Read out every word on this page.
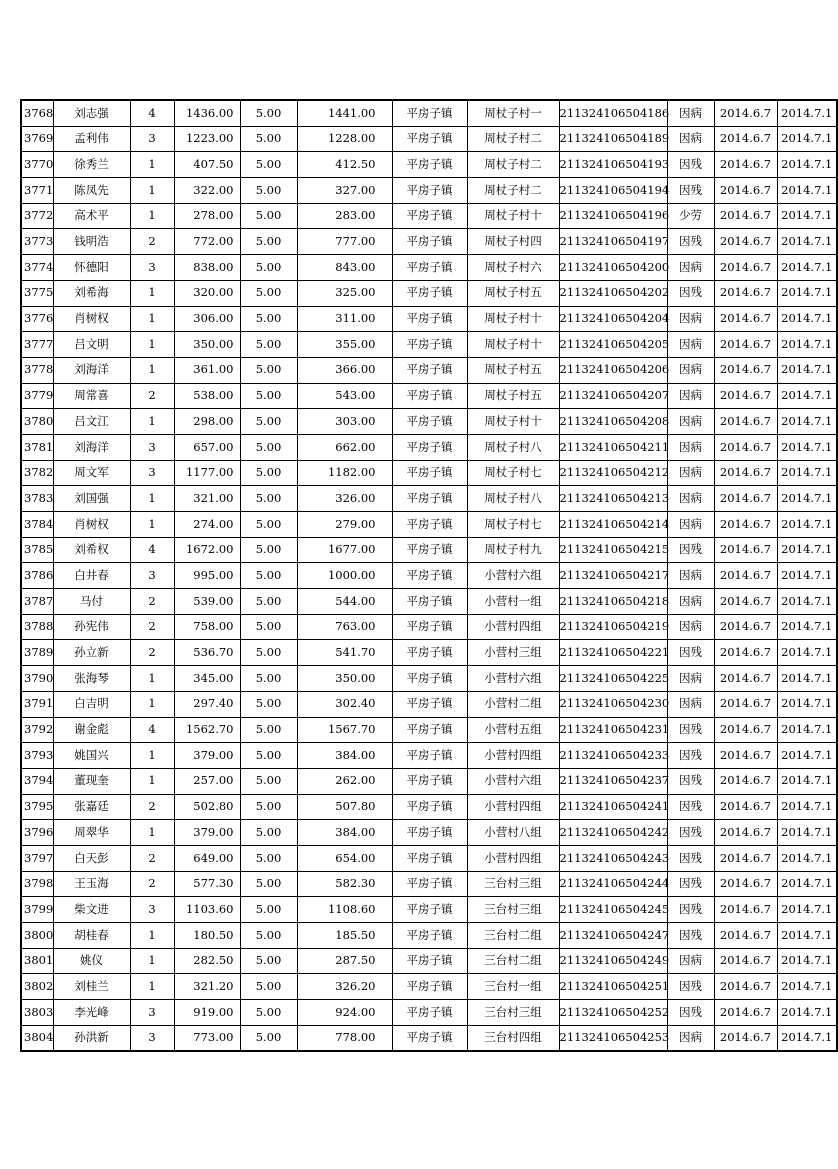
3768	刘志强	4	1436.00	5.00	1441.00	平房子镇	周杖子村一	211324106504186	因病	2014.6.7	2014.7.1
3769	孟利伟	3	1223.00	5.00	1228.00	平房子镇	周杖子村二	211324106504189	因病	2014.6.7	2014.7.1
3770	徐秀兰	1	407.50	5.00	412.50	平房子镇	周杖子村二	211324106504193	因残	2014.6.7	2014.7.1
3771	陈凤先	1	322.00	5.00	327.00	平房子镇	周杖子村二	211324106504194	因残	2014.6.7	2014.7.1
3772	高术平	1	278.00	5.00	283.00	平房子镇	周杖子村十	211324106504196	少劳	2014.6.7	2014.7.1
3773	钱明浩	2	772.00	5.00	777.00	平房子镇	周杖子村四	211324106504197	因残	2014.6.7	2014.7.1
3774	怀德阳	3	838.00	5.00	843.00	平房子镇	周杖子村六	211324106504200	因病	2014.6.7	2014.7.1
3775	刘希海	1	320.00	5.00	325.00	平房子镇	周杖子村五	211324106504202	因残	2014.6.7	2014.7.1
3776	肖树权	1	306.00	5.00	311.00	平房子镇	周杖子村十	211324106504204	因病	2014.6.7	2014.7.1
3777	吕文明	1	350.00	5.00	355.00	平房子镇	周杖子村十	211324106504205	因病	2014.6.7	2014.7.1
3778	刘海洋	1	361.00	5.00	366.00	平房子镇	周杖子村五	211324106504206	因病	2014.6.7	2014.7.1
3779	周常喜	2	538.00	5.00	543.00	平房子镇	周杖子村五	211324106504207	因病	2014.6.7	2014.7.1
3780	吕文江	1	298.00	5.00	303.00	平房子镇	周杖子村十	211324106504208	因病	2014.6.7	2014.7.1
3781	刘海洋	3	657.00	5.00	662.00	平房子镇	周杖子村八	211324106504211	因病	2014.6.7	2014.7.1
3782	周文军	3	1177.00	5.00	1182.00	平房子镇	周杖子村七	211324106504212	因病	2014.6.7	2014.7.1
3783	刘国强	1	321.00	5.00	326.00	平房子镇	周杖子村八	211324106504213	因病	2014.6.7	2014.7.1
3784	肖树权	1	274.00	5.00	279.00	平房子镇	周杖子村七	211324106504214	因病	2014.6.7	2014.7.1
3785	刘希权	4	1672.00	5.00	1677.00	平房子镇	周杖子村九	211324106504215	因残	2014.6.7	2014.7.1
3786	白井春	3	995.00	5.00	1000.00	平房子镇	小营村六组	211324106504217	因病	2014.6.7	2014.7.1
3787	马付	2	539.00	5.00	544.00	平房子镇	小营村一组	211324106504218	因病	2014.6.7	2014.7.1
3788	孙宪伟	2	758.00	5.00	763.00	平房子镇	小营村四组	211324106504219	因病	2014.6.7	2014.7.1
3789	孙立新	2	536.70	5.00	541.70	平房子镇	小营村三组	211324106504221	因残	2014.6.7	2014.7.1
3790	张海琴	1	345.00	5.00	350.00	平房子镇	小营村六组	211324106504225	因病	2014.6.7	2014.7.1
3791	白吉明	1	297.40	5.00	302.40	平房子镇	小营村二组	211324106504230	因病	2014.6.7	2014.7.1
3792	谢金彪	4	1562.70	5.00	1567.70	平房子镇	小营村五组	211324106504231	因残	2014.6.7	2014.7.1
3793	姚国兴	1	379.00	5.00	384.00	平房子镇	小营村四组	211324106504233	因残	2014.6.7	2014.7.1
3794	董现奎	1	257.00	5.00	262.00	平房子镇	小营村六组	211324106504237	因残	2014.6.7	2014.7.1
3795	张嘉廷	2	502.80	5.00	507.80	平房子镇	小营村四组	211324106504241	因残	2014.6.7	2014.7.1
3796	周翠华	1	379.00	5.00	384.00	平房子镇	小营村八组	211324106504242	因残	2014.6.7	2014.7.1
3797	白天彭	2	649.00	5.00	654.00	平房子镇	小营村四组	211324106504243	因残	2014.6.7	2014.7.1
3798	王玉海	2	577.30	5.00	582.30	平房子镇	三台村三组	211324106504244	因残	2014.6.7	2014.7.1
3799	柴文进	3	1103.60	5.00	1108.60	平房子镇	三台村三组	211324106504245	因残	2014.6.7	2014.7.1
3800	胡桂春	1	180.50	5.00	185.50	平房子镇	三台村二组	211324106504247	因残	2014.6.7	2014.7.1
3801	姚仪	1	282.50	5.00	287.50	平房子镇	三台村二组	211324106504249	因病	2014.6.7	2014.7.1
3802	刘桂兰	1	321.20	5.00	326.20	平房子镇	三台村一组	211324106504251	因残	2014.6.7	2014.7.1
3803	李光峰	3	919.00	5.00	924.00	平房子镇	三台村三组	211324106504252	因残	2014.6.7	2014.7.1
3804	孙洪新	3	773.00	5.00	778.00	平房子镇	三台村四组	211324106504253	因病	2014.6.7	2014.7.1
